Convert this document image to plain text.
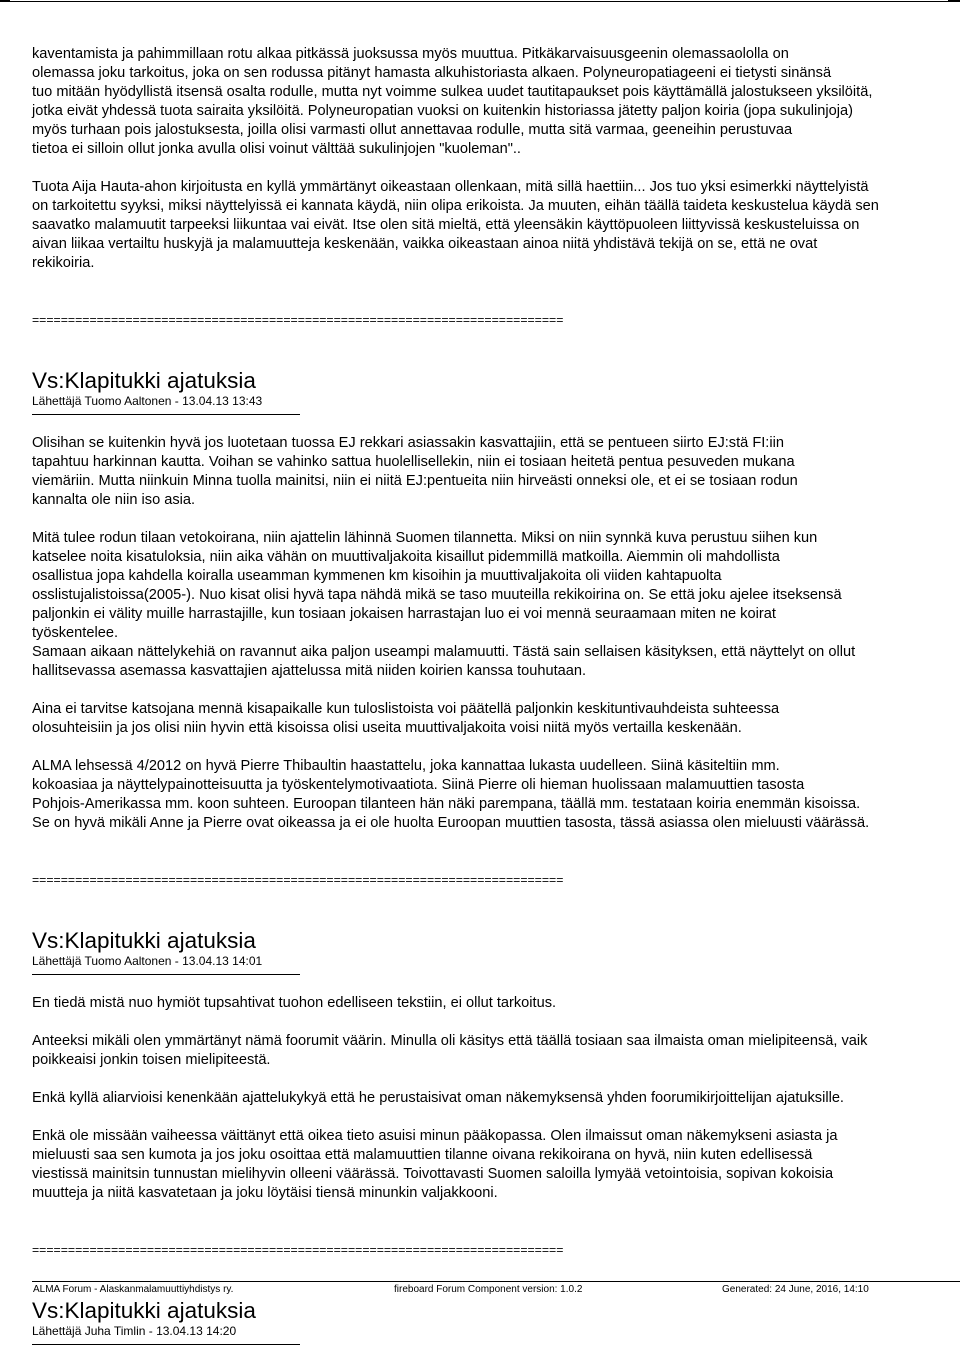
kaventamista ja pahimmillaan rotu alkaa pitkässä juoksussa myös muuttua. Pitkäkarvaisuusgeenin olemassaololla on

olemassa joku tarkoitus, joka on sen rodussa pitänyt hamasta alkuhistoriasta alkaen. Polyneuropatiageeni ei tietysti sinänsä

tuo mitään hyödyllistä itsensä osalta rodulle, mutta nyt voimme sulkea uudet tautitapaukset pois käyttämällä jalostukseen yksilöitä,

jotka eivät yhdessä tuota sairaita yksilöitä. Polyneuropatian vuoksi on kuitenkin historiassa jätetty paljon koiria (jopa sukulinjoja)

myös turhaan pois jalostuksesta, joilla olisi varmasti ollut annettavaa rodulle, mutta sitä varmaa, geeneihin perustuvaa

tietoa ei silloin ollut jonka avulla olisi voinut välttää sukulinjojen "kuoleman"..

Tuota Aija Hauta-ahon kirjoitusta en kyllä ymmärtänyt oikeastaan ollenkaan, mitä sillä haettiin... Jos tuo yksi esimerkki näyttelyistä

on tarkoitettu syyksi, miksi näyttelyissä ei kannata käydä, niin olipa erikoista. Ja muuten, eihän täällä taideta keskustelua käydä sen

saavatko malamuutit tarpeeksi liikuntaa vai eivät. Itse olen sitä mieltä, että yleensäkin käyttöpuoleen liittyvissä keskusteluissa on

aivan liikaa vertailtu huskyjä ja malamuutteja keskenään, vaikka oikeastaan ainoa niitä yhdistävä tekijä on se, että ne ovat

rekikoiria.

==========================================================================

Vs:Klapitukki ajatuksia

Lähettäjä Tuomo Aaltonen - 13.04.13 13:43

Olisihan se kuitenkin hyvä jos luotetaan tuossa EJ rekkari asiassakin kasvattajiin, että se pentueen siirto EJ:stä FI:iin

tapahtuu harkinnan kautta. Voihan se vahinko sattua huolellisellekin, niin ei tosiaan heitetä pentua pesuveden mukana

viemäriin. Mutta niinkuin Minna tuolla mainitsi, niin ei niitä EJ:pentueita niin hirveästi onneksi ole, et ei se tosiaan rodun

kannalta ole niin iso asia.

Mitä tulee rodun tilaan vetokoirana, niin ajattelin lähinnä Suomen tilannetta. Miksi on niin synnkä kuva perustuu siihen kun

katselee noita kisatuloksia, niin aika vähän on muuttivaljakoita kisaillut pidemmillä matkoilla. Aiemmin oli mahdollista

osallistua jopa kahdella koiralla useamman kymmenen km kisoihin ja muuttivaljakoita oli viiden kahtapuolta

osslistujalistoissa(2005-). Nuo kisat olisi hyvä tapa nähdä mikä se taso muuteilla rekikoirina on. Se että joku ajelee itseksensä

paljonkin ei välity muille harrastajille, kun tosiaan jokaisen harrastajan luo ei voi mennä seuraamaan miten ne koirat

työskentelee.

Samaan aikaan nättelykehiä on ravannut aika paljon useampi malamuutti. Tästä sain sellaisen käsityksen, että näyttelyt on ollut

hallitsevassa asemassa kasvattajien ajattelussa mitä niiden koirien kanssa touhutaan.

Aina ei tarvitse katsojana mennä kisapaikalle kun tuloslistoista voi päätellä paljonkin keskituntivauhdeista suhteessa

olosuhteisiin ja jos olisi niin hyvin että kisoissa olisi useita muuttivaljakoita voisi niitä myös vertailla keskenään.

ALMA lehsessä 4/2012 on hyvä Pierre Thibaultin haastattelu, joka kannattaa lukasta uudelleen. Siinä käsiteltiin mm.

kokoasiaa ja näyttelypainotteisuutta ja työskentelymotivaatiota. Siinä Pierre oli hieman huolissaan malamuuttien tasosta

Pohjois-Amerikassa mm. koon suhteen. Euroopan tilanteen hän näki parempana, täällä mm. testataan koiria enemmän kisoissa.

Se on hyvä mikäli Anne ja Pierre ovat oikeassa ja ei ole huolta Euroopan muuttien tasosta, tässä asiassa olen mieluusti väärässä.

==========================================================================

Vs:Klapitukki ajatuksia

Lähettäjä Tuomo Aaltonen - 13.04.13 14:01

En tiedä mistä nuo hymiöt tupsahtivat tuohon edelliseen tekstiin, ei ollut tarkoitus.

Anteeksi mikäli olen ymmärtänyt nämä foorumit väärin. Minulla oli käsitys että täällä tosiaan saa ilmaista oman mielipiteensä, vaik

poikkeaisi jonkin toisen mielipiteestä.

Enkä kyllä aliarvioisi kenenkään ajattelukykyä että he perustaisivat oman näkemyksensä yhden foorumikirjoittelijan ajatuksille.

Enkä ole missään vaiheessa väittänyt että oikea tieto asuisi minun pääkopassa. Olen ilmaissut oman näkemykseni asiasta ja

mieluusti saa sen kumota ja jos joku osoittaa että malamuuttien tilanne oivana rekikoirana on hyvä, niin kuten edellisessä

viestissä mainitsin tunnustan mielihyvin olleeni väärässä. Toivottavasti Suomen saloilla lymyää vetointoisia, sopivan kokoisia

muutteja ja niitä kasvatetaan ja joku löytäisi tiensä minunkin valjakkooni.

==========================================================================

Vs:Klapitukki ajatuksia

Lähettäjä Juha Timlin - 13.04.13 14:20

ALMA Forum - Alaskanmalamuuttiyhdistys ry.	fireboard Forum Component version: 1.0.2	Generated: 24 June, 2016, 14:10
